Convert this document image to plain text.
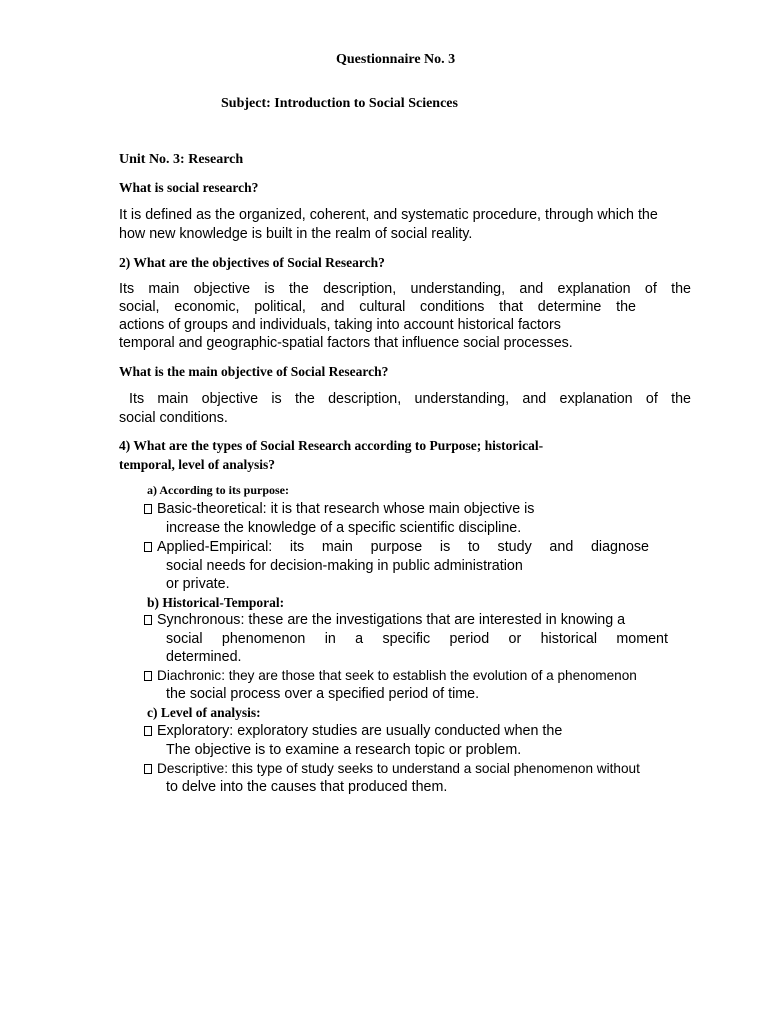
Questionnaire No. 3
Subject: Introduction to Social Sciences
Unit No. 3: Research
What is social research?
It is defined as the organized, coherent, and systematic procedure, through which the
how new knowledge is built in the realm of social reality.
2) What are the objectives of Social Research?
Its main objective is the description, understanding, and explanation of the
social, economic, political, and cultural conditions that determine the
actions of groups and individuals, taking into account historical factors
temporal and geographic-spatial factors that influence social processes.
What is the main objective of Social Research?
Its main objective is the description, understanding, and explanation of the
social conditions.
4) What are the types of Social Research according to Purpose; historical-
temporal, level of analysis?
a) According to its purpose:
Basic-theoretical: it is that research whose main objective is
increase the knowledge of a specific scientific discipline.
Applied-Empirical: its main purpose is to study and diagnose
social needs for decision-making in public administration
or private.
b) Historical-Temporal:
Synchronous: these are the investigations that are interested in knowing a
social phenomenon in a specific period or historical moment
determined.
Diachronic: they are those that seek to establish the evolution of a phenomenon
the social process over a specified period of time.
c) Level of analysis:
Exploratory: exploratory studies are usually conducted when the
The objective is to examine a research topic or problem.
Descriptive: this type of study seeks to understand a social phenomenon without
to delve into the causes that produced them.
